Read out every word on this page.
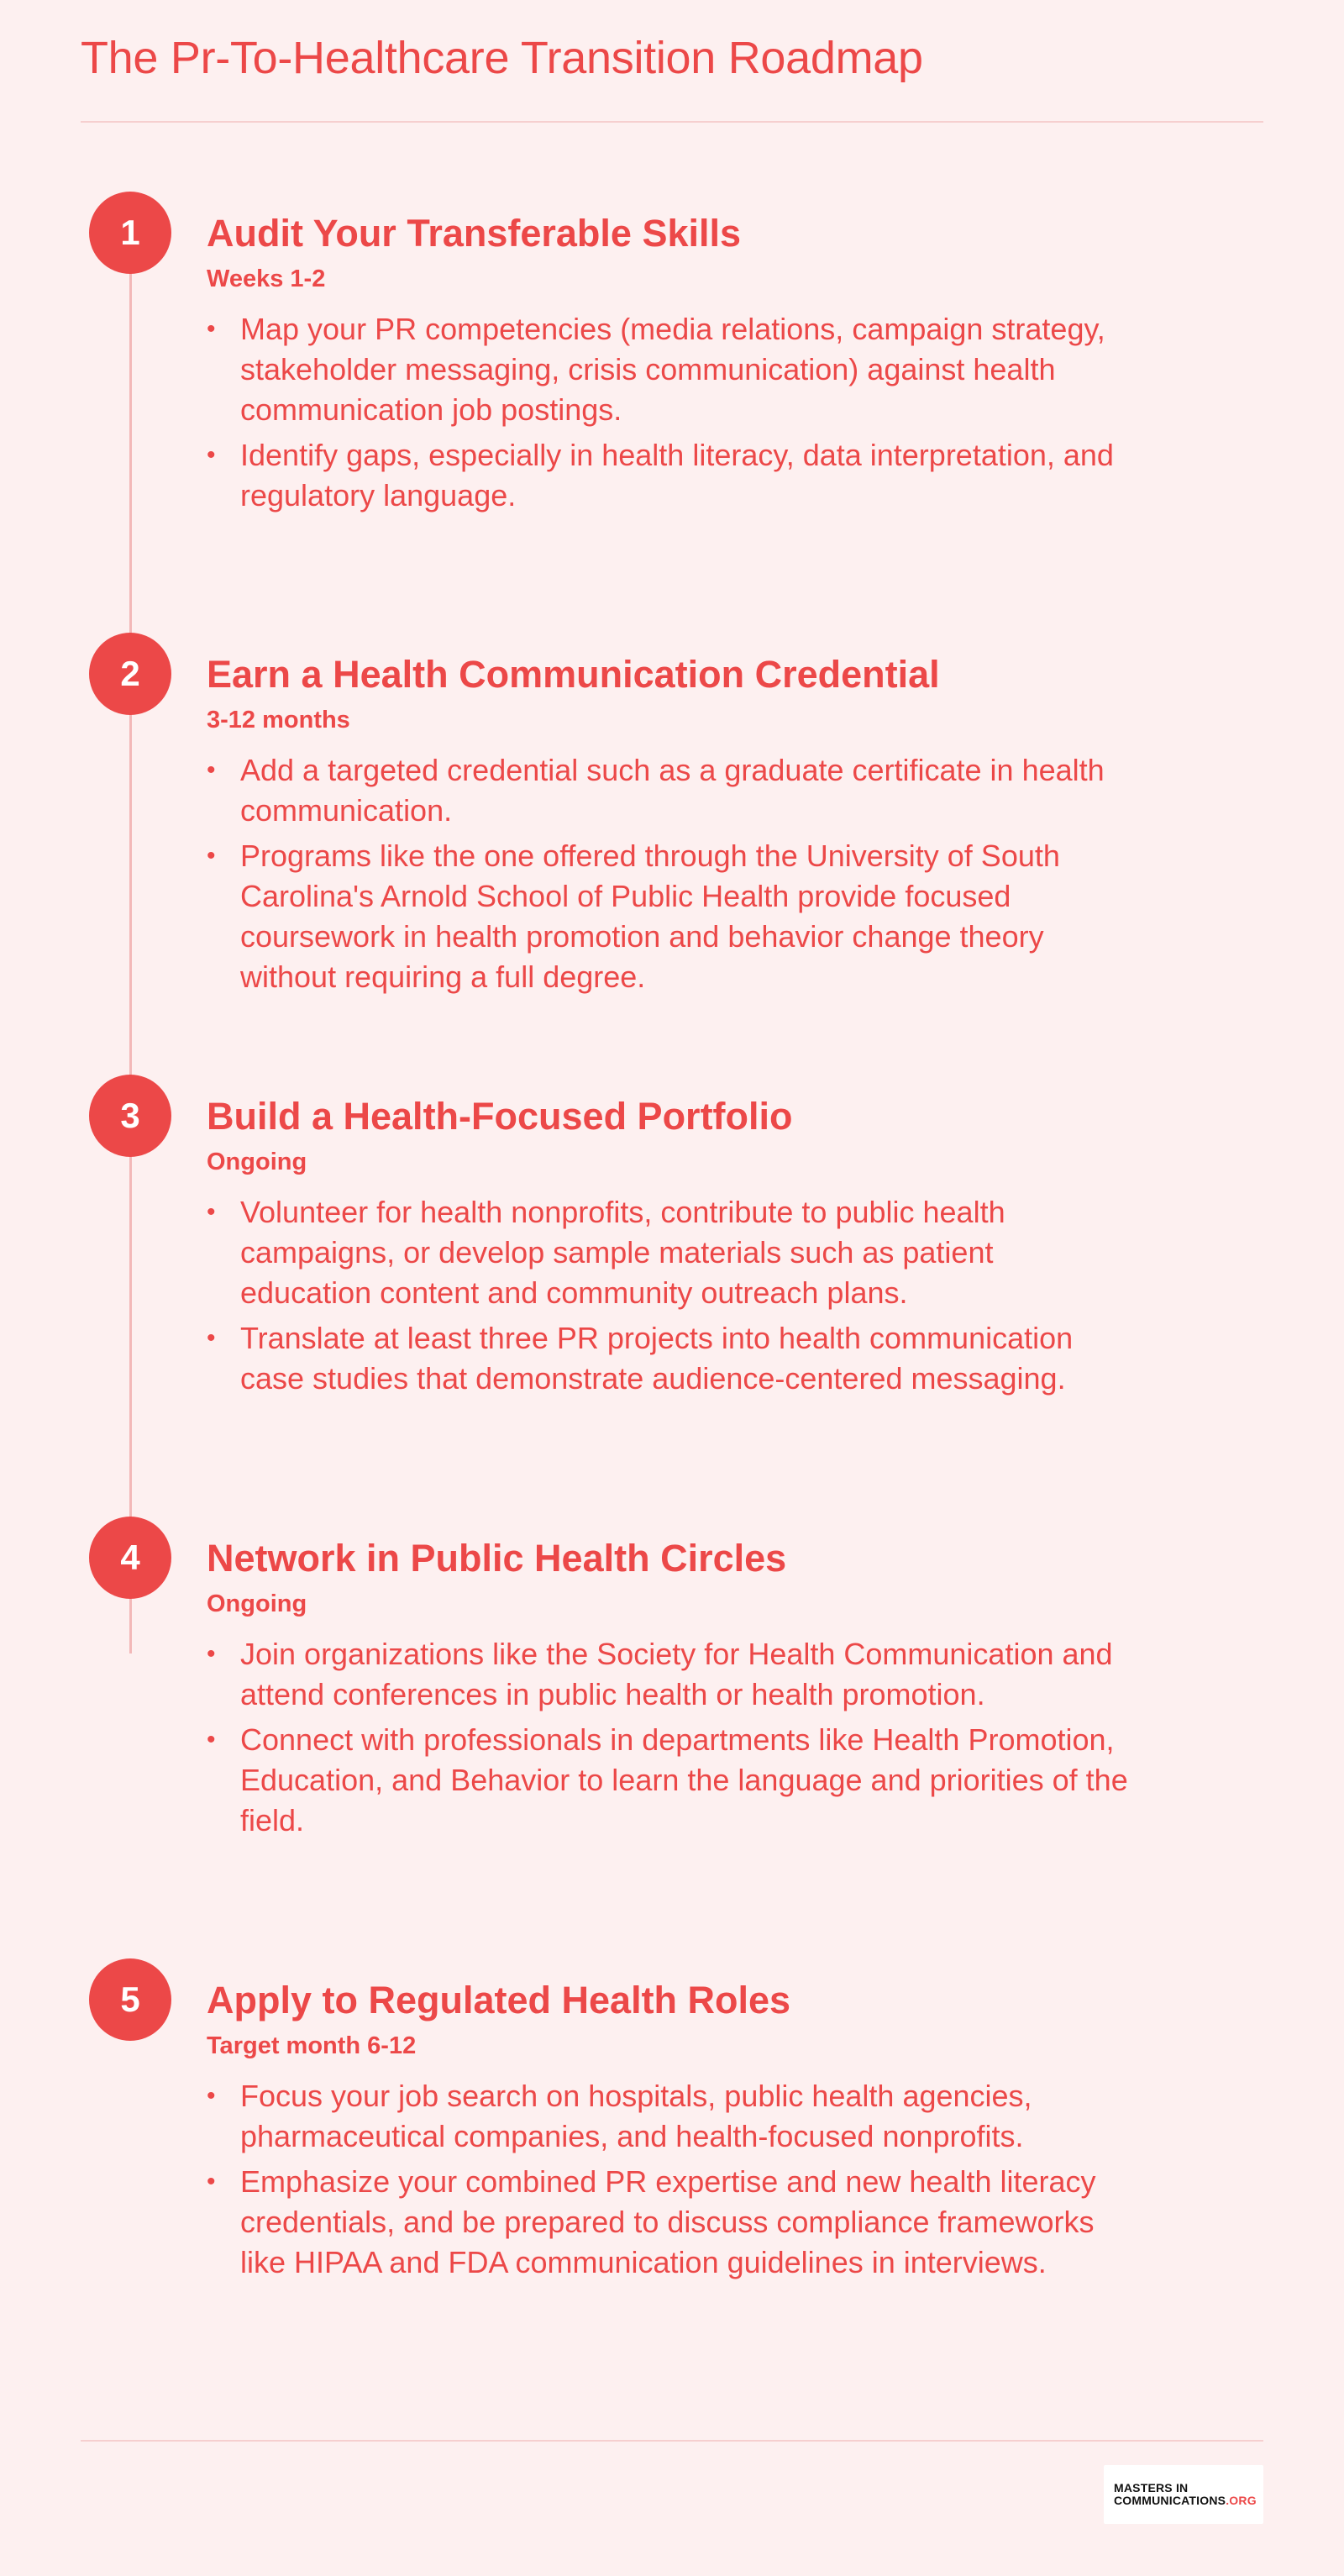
The Pr-To-Healthcare Transition Roadmap
1	Audit Your Transferable Skills
Weeks 1-2
• Map your PR competencies (media relations, campaign strategy, stakeholder messaging, crisis communication) against health communication job postings.
• Identify gaps, especially in health literacy, data interpretation, and regulatory language.
2	Earn a Health Communication Credential
3-12 months
• Add a targeted credential such as a graduate certificate in health communication.
• Programs like the one offered through the University of South Carolina's Arnold School of Public Health provide focused coursework in health promotion and behavior change theory without requiring a full degree.
3	Build a Health-Focused Portfolio
Ongoing
• Volunteer for health nonprofits, contribute to public health campaigns, or develop sample materials such as patient education content and community outreach plans.
• Translate at least three PR projects into health communication case studies that demonstrate audience-centered messaging.
4	Network in Public Health Circles
Ongoing
• Join organizations like the Society for Health Communication and attend conferences in public health or health promotion.
• Connect with professionals in departments like Health Promotion, Education, and Behavior to learn the language and priorities of the field.
5	Apply to Regulated Health Roles
Target month 6-12
• Focus your job search on hospitals, public health agencies, pharmaceutical companies, and health-focused nonprofits.
• Emphasize your combined PR expertise and new health literacy credentials, and be prepared to discuss compliance frameworks like HIPAA and FDA communication guidelines in interviews.
MASTERS IN
COMMUNICATIONS.ORG
